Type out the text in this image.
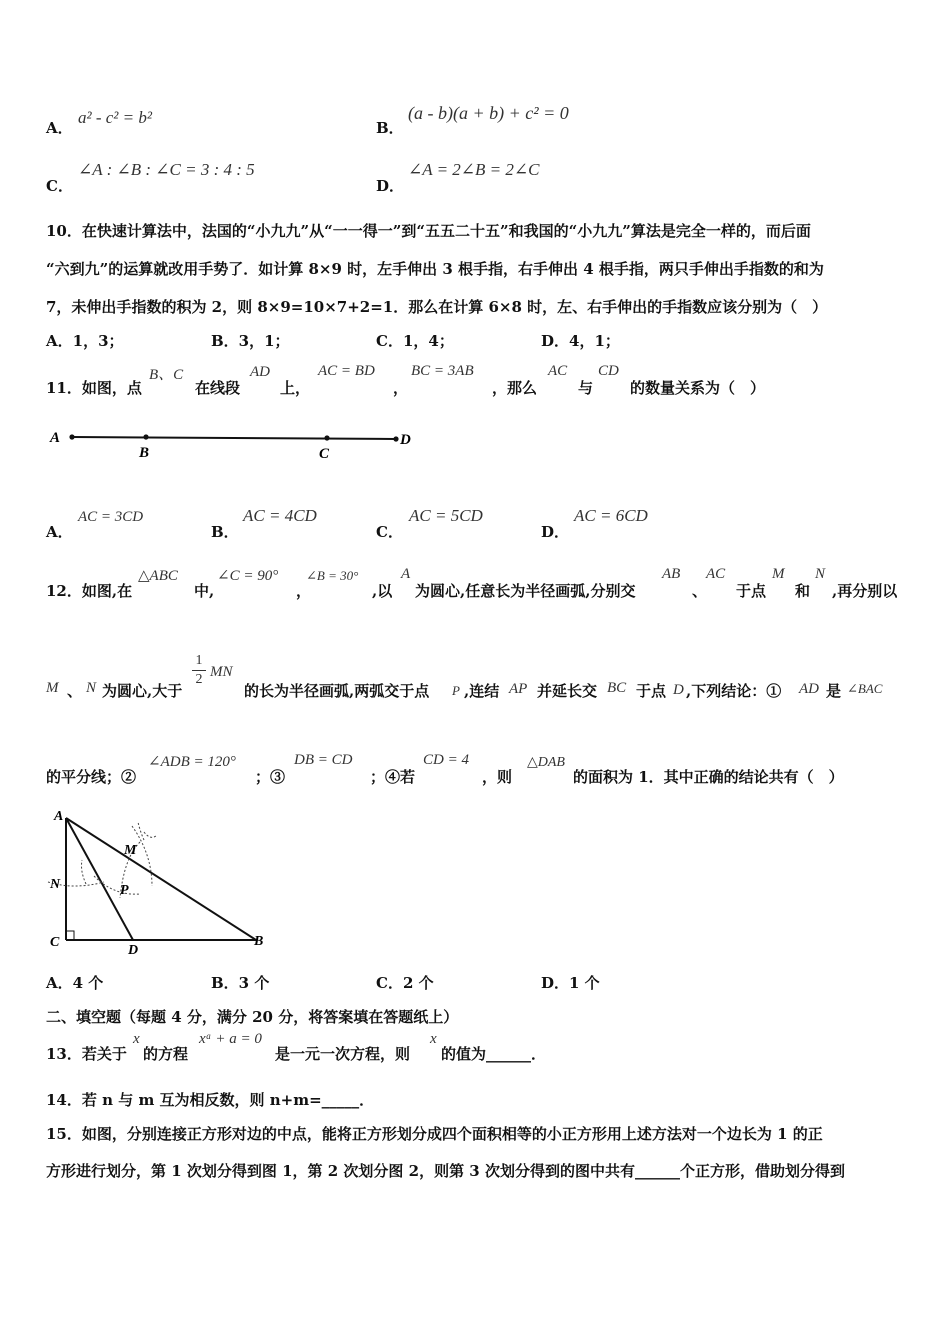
A．
a² - c² = b²
B．
(a - b)(a + b) + c² = 0
C．
∠A : ∠B : ∠C = 3 : 4 : 5
D．
∠A = 2∠B = 2∠C
10．在快速计算法中，法国的“小九九”从“一一得一”到“五五二十五”和我国的“小九九”算法是完全一样的，而后面
“六到九”的运算就改用手势了．如计算 8×9 时，左手伸出 3 根手指，右手伸出 4 根手指，两只手伸出手指数的和为
7，未伸出手指数的积为 2，则 8×9=10×7+2=1．那么在计算 6×8 时，左、右手伸出的手指数应该分别为（　）
A．1，3；	B．3，1；	C．1，4；	D．4，1；
11．如图，点
B、C
在线段
AD
上，
AC = BD
，
BC = 3AB
，那么
AC
与
CD
的数量关系为（　）
A
B	C
D
A．
AC = 3CD
B．
AC = 4CD
C．
AC = 5CD
D．
AC = 6CD
12．如图,在
△ABC
中,
∠C = 90°
，
∠B = 30°
,以
A
为圆心,任意长为半径画弧,分别交
AB
、
AC
于点
M
和
N
,再分别以
M 、 N 为圆心,大于
1
2 MN
的长为半径画弧,两弧交于点 P ,连结 AP 并延长交 BC 于点 D ,下列结论：① AD 是 ∠BAC
的平分线；②
∠ADB = 120°
；③
DB = CD
；④若
CD = 4
，则
△DAB
的面积为 1．其中正确的结论共有（　）
A
M
N	P
C
D
B
A．4 个	B．3 个	C．2 个	D．1 个
二、填空题（每题 4 分，满分 20 分，将答案填在答题纸上）
13．若关于
x
的方程
xᵃ + a = 0
是一元一次方程，则
x
的值为______．
14．若 n 与 m 互为相反数，则 n+m=_____．
15．如图，分别连接正方形对边的中点，能将正方形划分成四个面积相等的小正方形用上述方法对一个边长为 1 的正
方形进行划分，第 1 次划分得到图 1，第 2 次划分图 2，则第 3 次划分得到的图中共有______个正方形，借助划分得到
